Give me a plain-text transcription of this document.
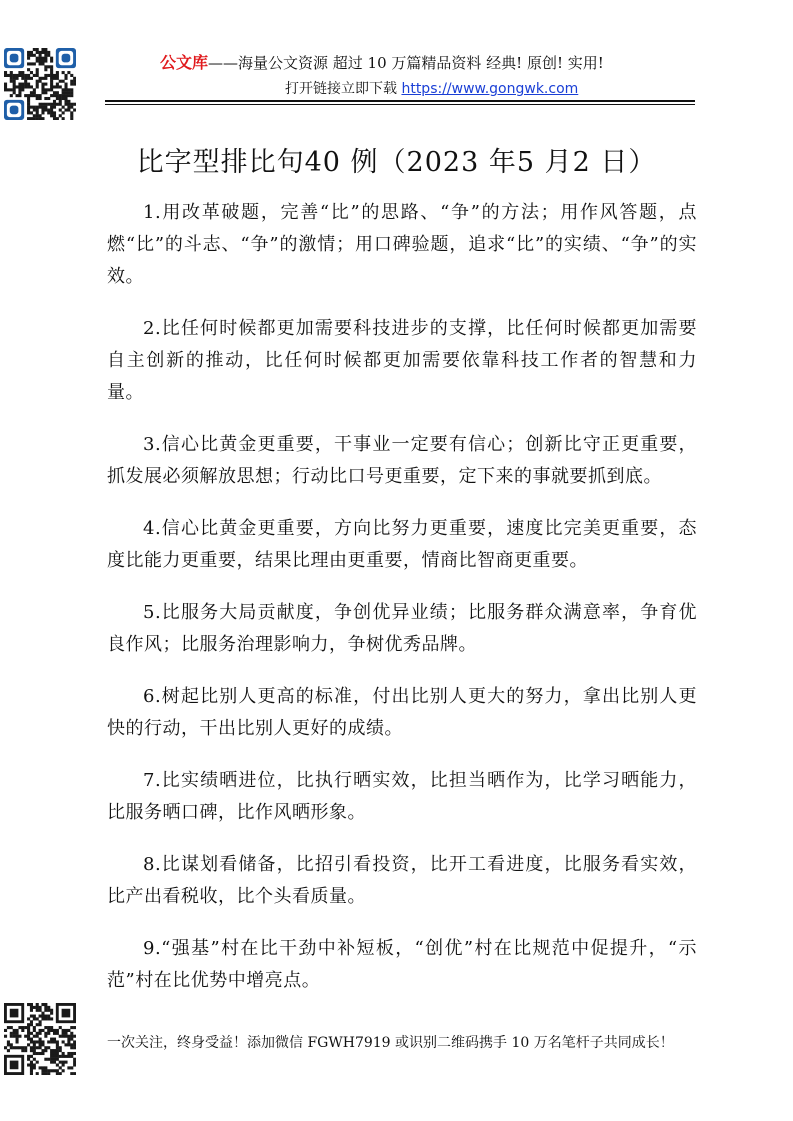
公文库——海量公文资源 超过 10 万篇精品资料 经典! 原创! 实用!
打开链接立即下载 https://www.gongwk.com
比字型排比句40 例（2023 年5 月2 日）

1.用改革破题，完善“比”的思路、“争”的方法；用作风答题，点燃“比”的斗志、“争”的激情；用口碑验题，追求“比”的实绩、“争”的实效。

2.比任何时候都更加需要科技进步的支撑，比任何时候都更加需要自主创新的推动，比任何时候都更加需要依靠科技工作者的智慧和力量。

3.信心比黄金更重要，干事业一定要有信心；创新比守正更重要，抓发展必须解放思想；行动比口号更重要，定下来的事就要抓到底。

4.信心比黄金更重要，方向比努力更重要，速度比完美更重要，态度比能力更重要，结果比理由更重要，情商比智商更重要。

5.比服务大局贡献度，争创优异业绩；比服务群众满意率，争育优良作风；比服务治理影响力，争树优秀品牌。

6.树起比别人更高的标准，付出比别人更大的努力，拿出比别人更快的行动，干出比别人更好的成绩。

7.比实绩晒进位，比执行晒实效，比担当晒作为，比学习晒能力，比服务晒口碑，比作风晒形象。

8.比谋划看储备，比招引看投资，比开工看进度，比服务看实效，比产出看税收，比个头看质量。

9.“强基”村在比干劲中补短板，“创优”村在比规范中促提升，“示范”村在比优势中增亮点。

一次关注，终身受益！添加微信 FGWH7919 或识别二维码携手 10 万名笔杆子共同成长！
